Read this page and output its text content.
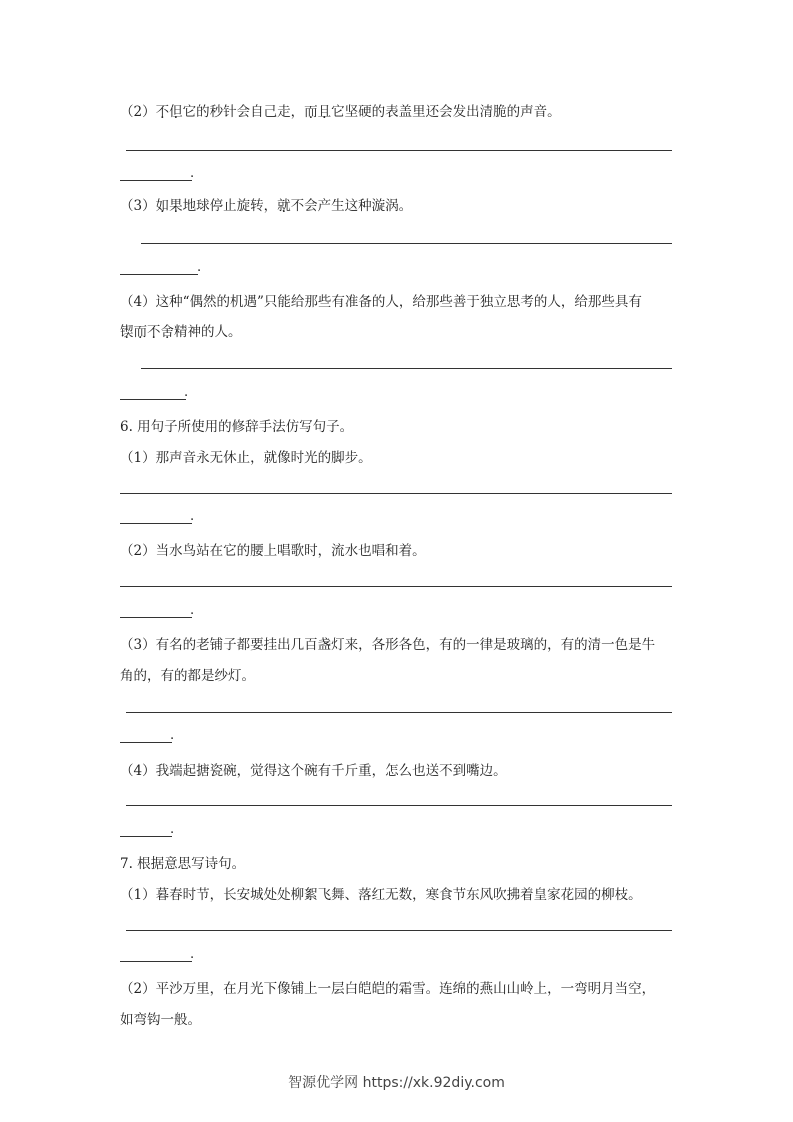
（2）不但它的秒针会自己走，而且它坚硬的表盖里还会发出清脆的声音。
.
（3）如果地球停止旋转，就不会产生这种漩涡。
.
（4）这种“偶然的机遇”只能给那些有准备的人，给那些善于独立思考的人，给那些具有
锲而不舍精神的人。
.
6. 用句子所使用的修辞手法仿写句子。
（1）那声音永无休止，就像时光的脚步。
.
（2）当水鸟站在它的腰上唱歌时，流水也唱和着。
.
（3）有名的老铺子都要挂出几百盏灯来，各形各色，有的一律是玻璃的，有的清一色是牛
角的，有的都是纱灯。
.
（4）我端起搪瓷碗，觉得这个碗有千斤重，怎么也送不到嘴边。
.
7. 根据意思写诗句。
（1）暮春时节，长安城处处柳絮飞舞、落红无数，寒食节东风吹拂着皇家花园的柳枝。
.
（2）平沙万里，在月光下像铺上一层白皑皑的霜雪。连绵的燕山山岭上，一弯明月当空，
如弯钩一般。
智源优学网 https://xk.92diy.com
